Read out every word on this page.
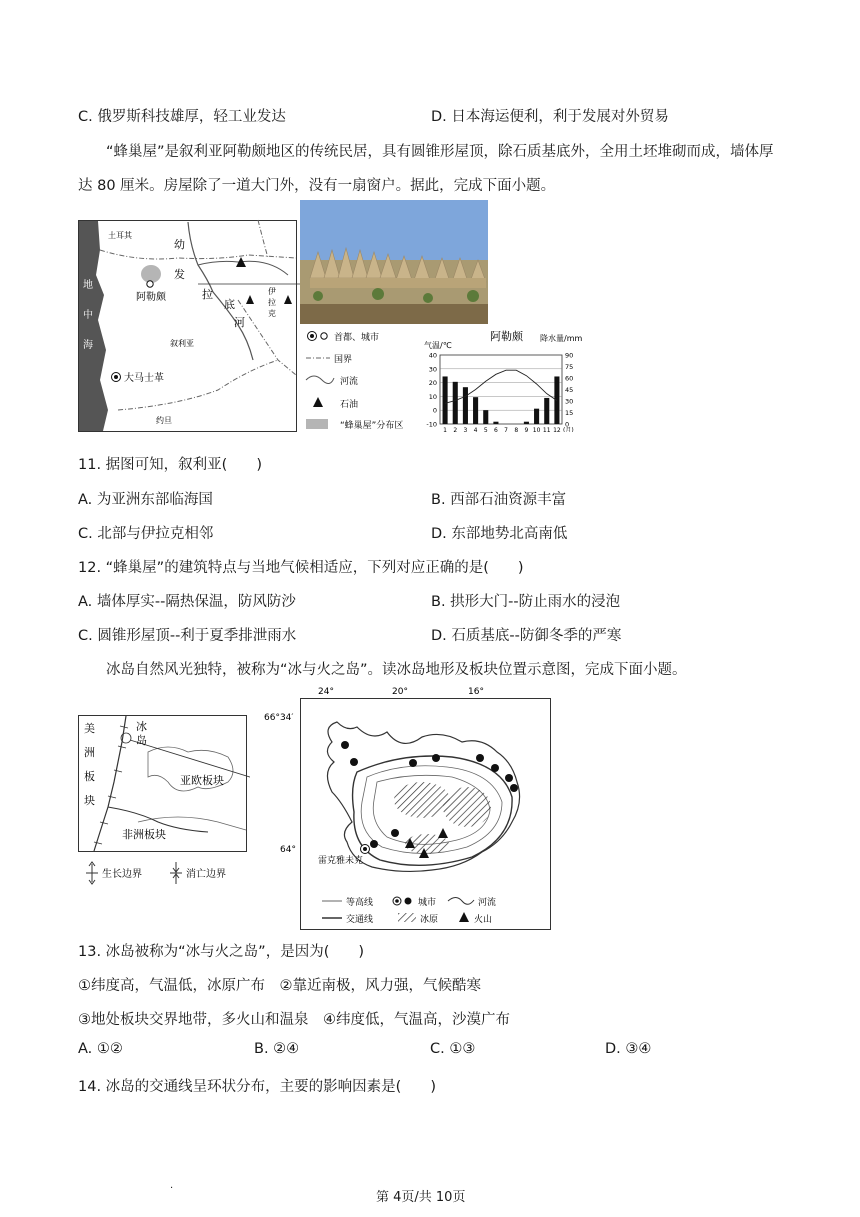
C. 俄罗斯科技雄厚，轻工业发达	D. 日本海运便利，利于发展对外贸易
“蜂巢屋”是叙利亚阿勒颇地区的传统民居，具有圆锥形屋顶，除石质基底外，全用土坯堆砌而成，墙体厚达 80 厘米。房屋除了一道大门外，没有一扇窗户。据此，完成下面小题。
土耳其
幼
发
拉
底
河
阿勒颇
伊
拉
克
地
中
海	叙利亚
大马士革
约旦
首都、城市
国界
河流
石油
“蜂巢屋”分布区
阿勒颇
气温/℃
降水量/mm
40
30
20
10
0
-10
90
75
60
45
30
15
0
1 2 3 4 5 6 7 8 9 10 11 12 (月)
11. 据图可知，叙利亚(　　)
A. 为亚洲东部临海国	B. 西部石油资源丰富
C. 北部与伊拉克相邻	D. 东部地势北高南低
12. “蜂巢屋”的建筑特点与当地气候相适应，下列对应正确的是(　　)
A. 墙体厚实--隔热保温，防风防沙	B. 拱形大门--防止雨水的浸泡
C. 圆锥形屋顶--利于夏季排泄雨水	D. 石质基底--防御冬季的严寒
冰岛自然风光独特，被称为“冰与火之岛”。读冰岛地形及板块位置示意图，完成下面小题。
美
洲
板
块
冰
岛
亚欧板块
非洲板块
生长边界	消亡边界
24°	20°	16°
66°34′
64°
雷克雅未克
等高线	城市	河流
交通线	冰原	火山
13. 冰岛被称为“冰与火之岛”，是因为(　　)
①纬度高，气温低，冰原广布　②靠近南极，风力强，气候酷寒
③地处板块交界地带，多火山和温泉　④纬度低，气温高，沙漠广布
A. ①②	B. ②④	C. ①③	D. ③④
14. 冰岛的交通线呈环状分布，主要的影响因素是(　　)
.
第 4页/共 10页
